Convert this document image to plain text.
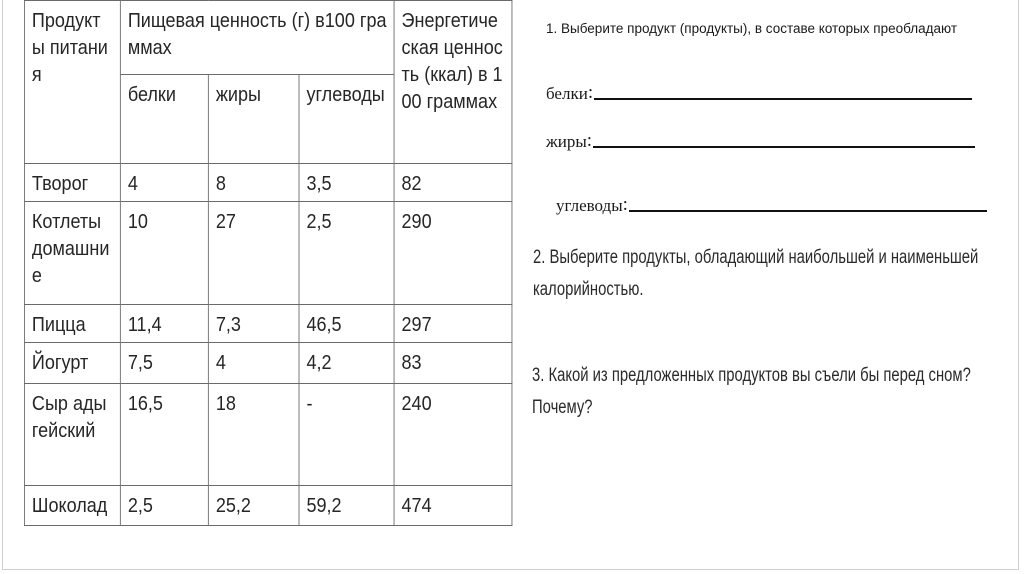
Продукты питания	Пищевая ценность (г) в100 граммах			Энергетическая ценность (ккал) в 100 граммах
	белки	жиры	углеводы	
Творог	4	8	3,5	82
Котлеты домашние	10	27	2,5	290
Пицца	11,4	7,3	46,5	297
Йогурт	7,5	4	4,2	83
Сыр адыгейский	16,5	18	-	240
Шоколад	2,5	25,2	59,2	474
1. Выберите продукт (продукты), в составе которых преобладают
белки :
жиры :
углеводы :
2. Выберите продукты, обладающий наибольшей и наименьшей
калорийностью.
3. Какой из предложенных продуктов вы съели бы перед сном?
Почему?
